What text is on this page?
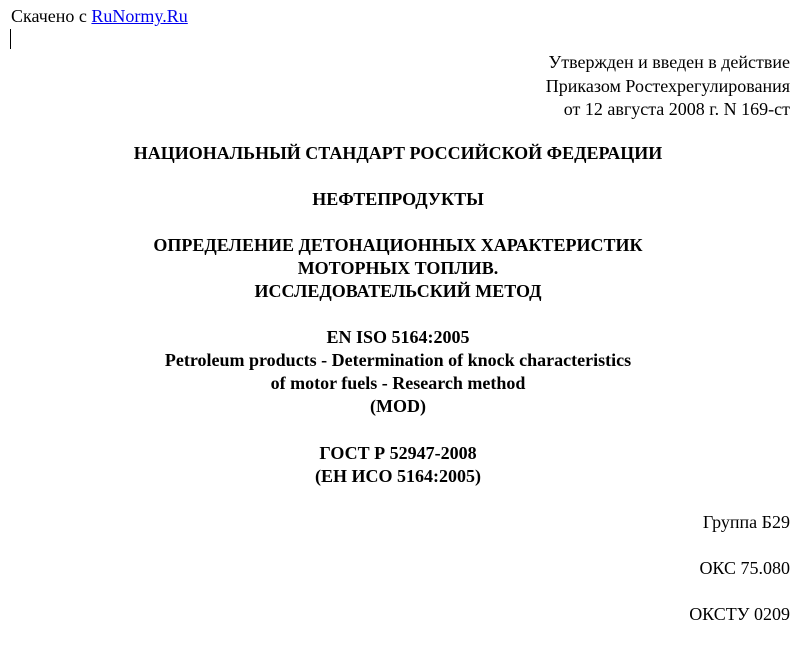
Скачено с RuNormy.Ru
Утвержден и введен в действие
Приказом Ростехрегулирования
от 12 августа 2008 г. N 169-ст
НАЦИОНАЛЬНЫЙ СТАНДАРТ РОССИЙСКОЙ ФЕДЕРАЦИИ
НЕФТЕПРОДУКТЫ
ОПРЕДЕЛЕНИЕ ДЕТОНАЦИОННЫХ ХАРАКТЕРИСТИК
МОТОРНЫХ ТОПЛИВ.
ИССЛЕДОВАТЕЛЬСКИЙ МЕТОД
EN ISO 5164:2005
Petroleum products - Determination of knock characteristics
of motor fuels - Research method
(MOD)
ГОСТ Р 52947-2008
(ЕН ИСО 5164:2005)
Группа Б29
ОКС 75.080
ОКСТУ 0209
